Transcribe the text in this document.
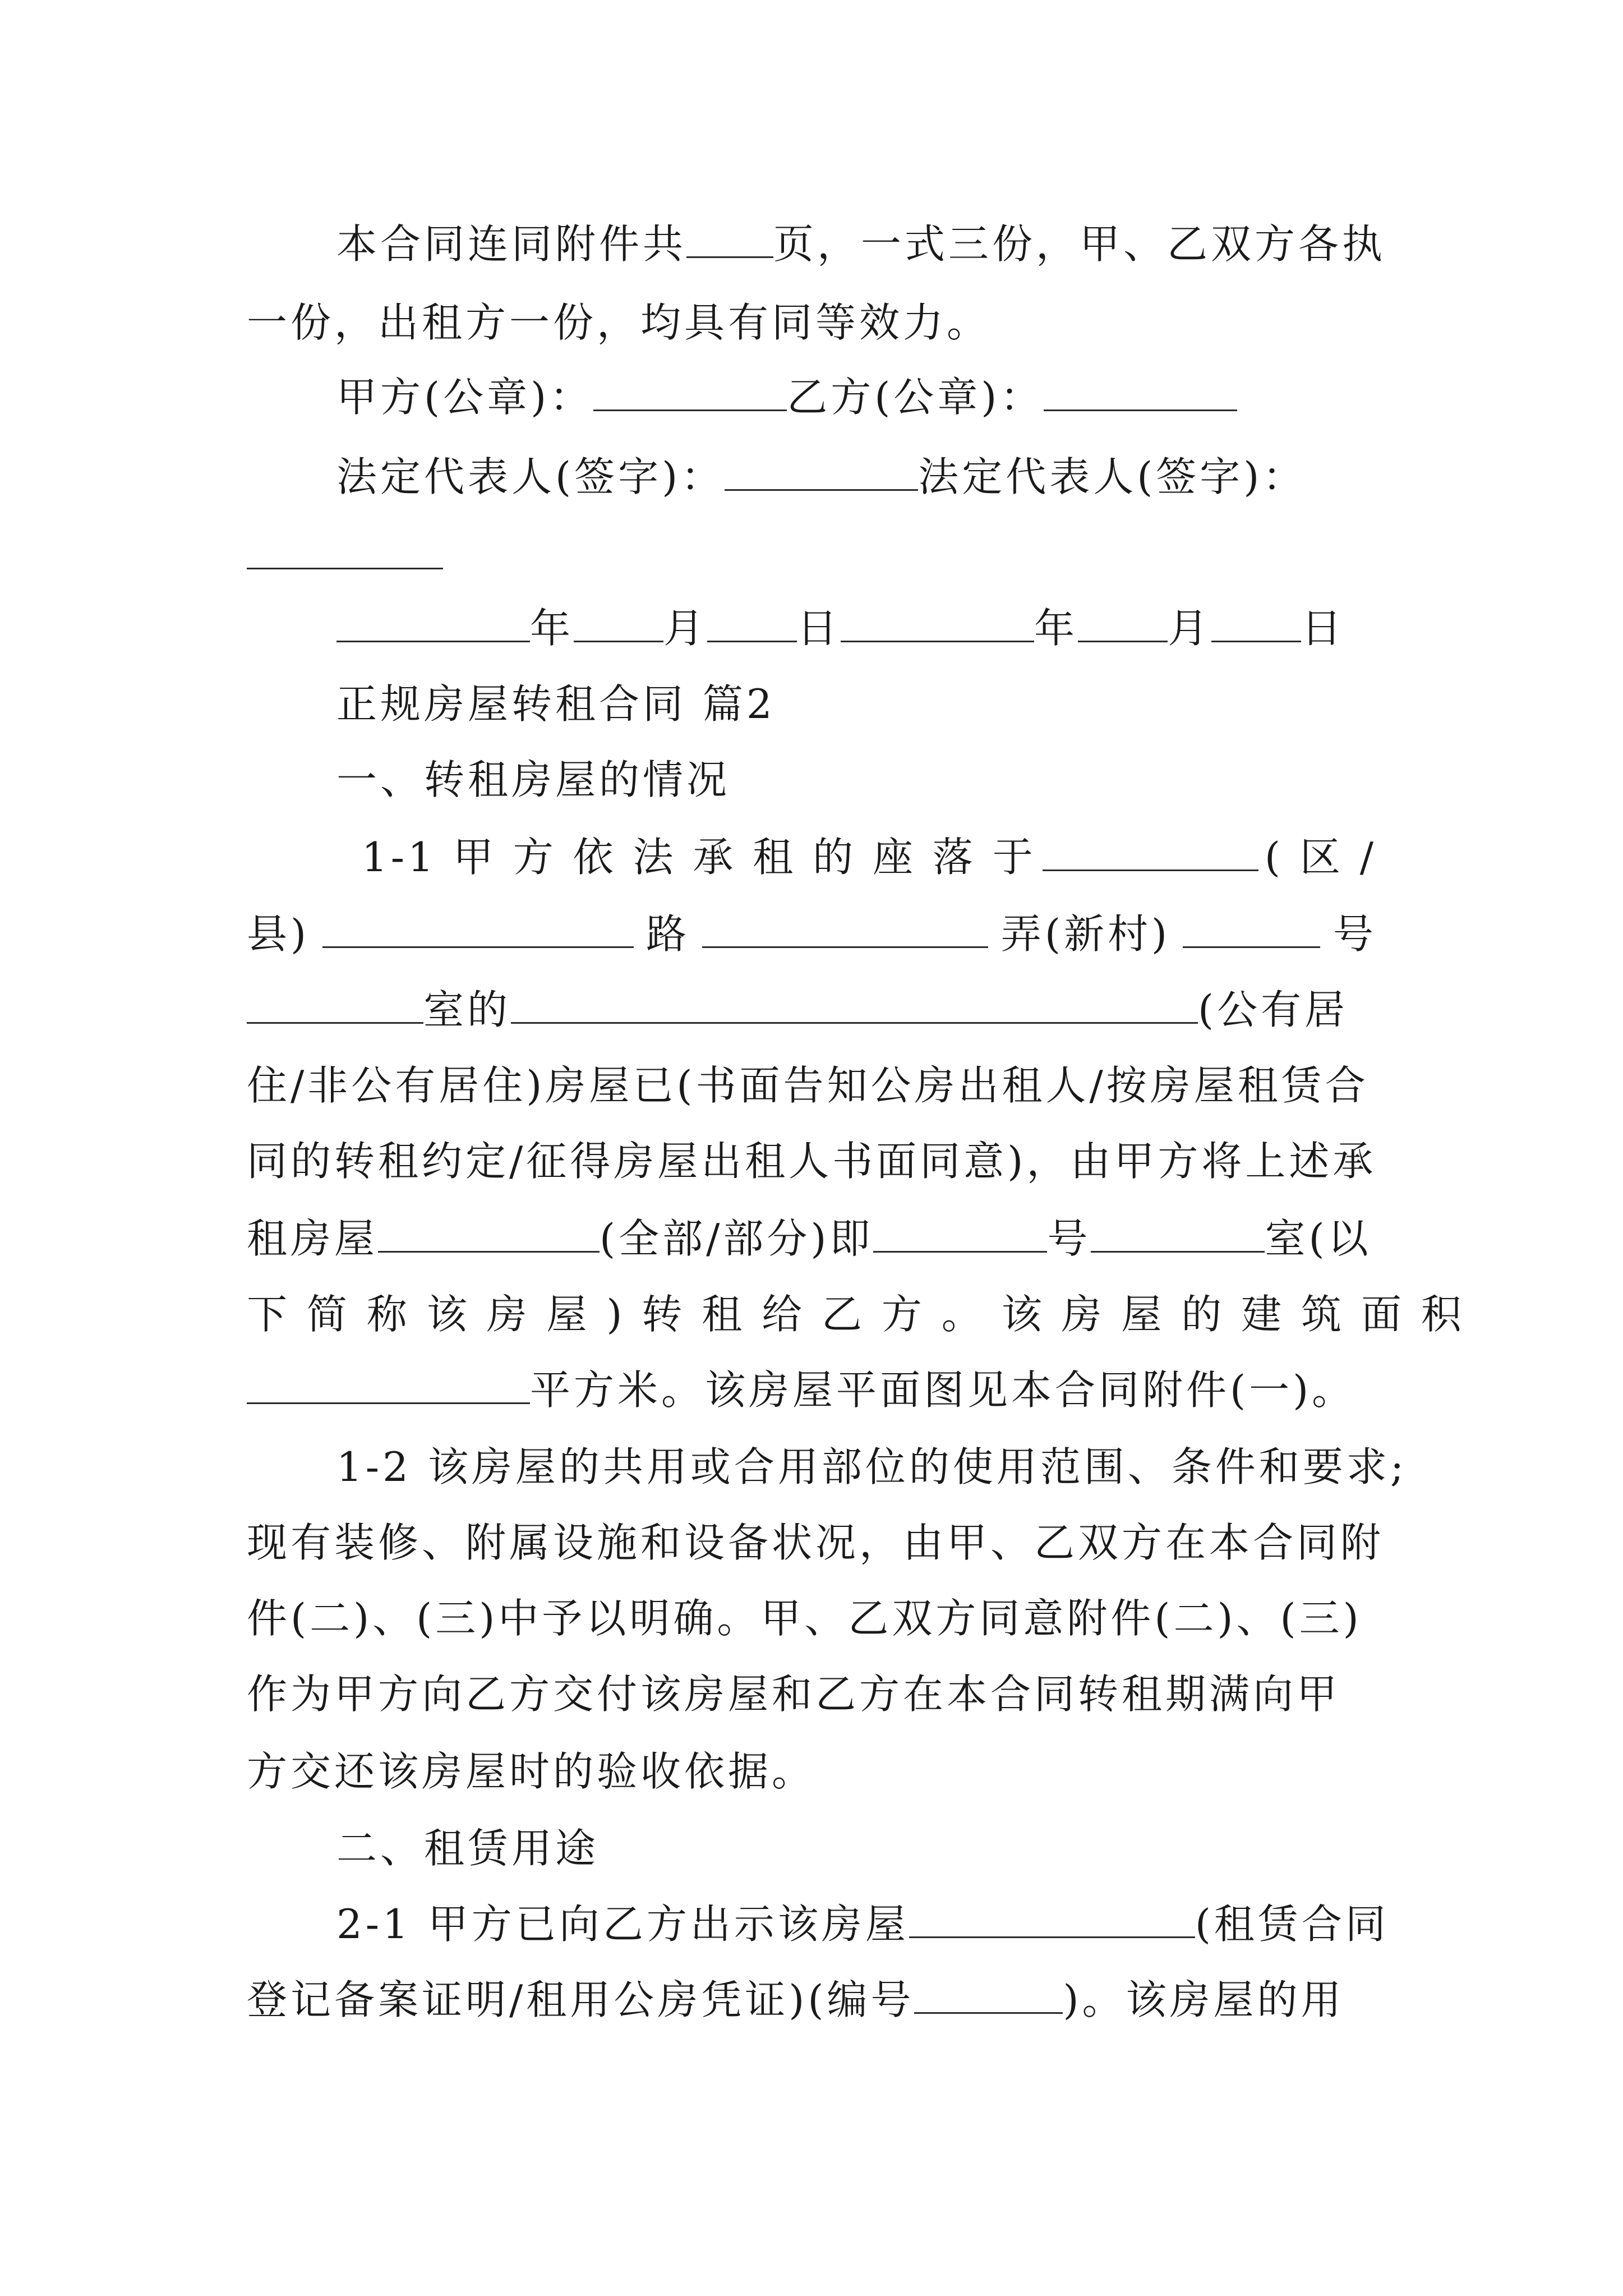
本合同连同附件共 页，一式三份，甲、乙双方各执
一份，出租方一份，均具有同等效力。
甲方(公章)：	乙方(公章)：
法定代表人(签字)：	法定代表人(签字)：
年 月 日	年 月 日
正规房屋转租合同 篇2
一、转租房屋的情况
1-1 甲 方 依 法 承 租 的 座 落 于	( 区 /
县)	路	弄(新村)	号
室的	(公有居
住/非公有居住)房屋已(书面告知公房出租人/按房屋租赁合
同的转租约定/征得房屋出租人书面同意)，由甲方将上述承
租房屋	(全部/部分)即	号	室(以
下 简 称 该 房 屋 ) 转 租 给 乙 方 。 该 房 屋 的 建 筑 面 积
平方米。该房屋平面图见本合同附件(一)。
1-2 该房屋的共用或合用部位的使用范围、条件和要求;
现有装修、附属设施和设备状况，由甲、乙双方在本合同附
件(二)、(三)中予以明确。甲、乙双方同意附件(二)、(三)
作为甲方向乙方交付该房屋和乙方在本合同转租期满向甲
方交还该房屋时的验收依据。
二、租赁用途
2-1 甲方已向乙方出示该房屋	(租赁合同
登记备案证明/租用公房凭证)(编号	)。该房屋的用
